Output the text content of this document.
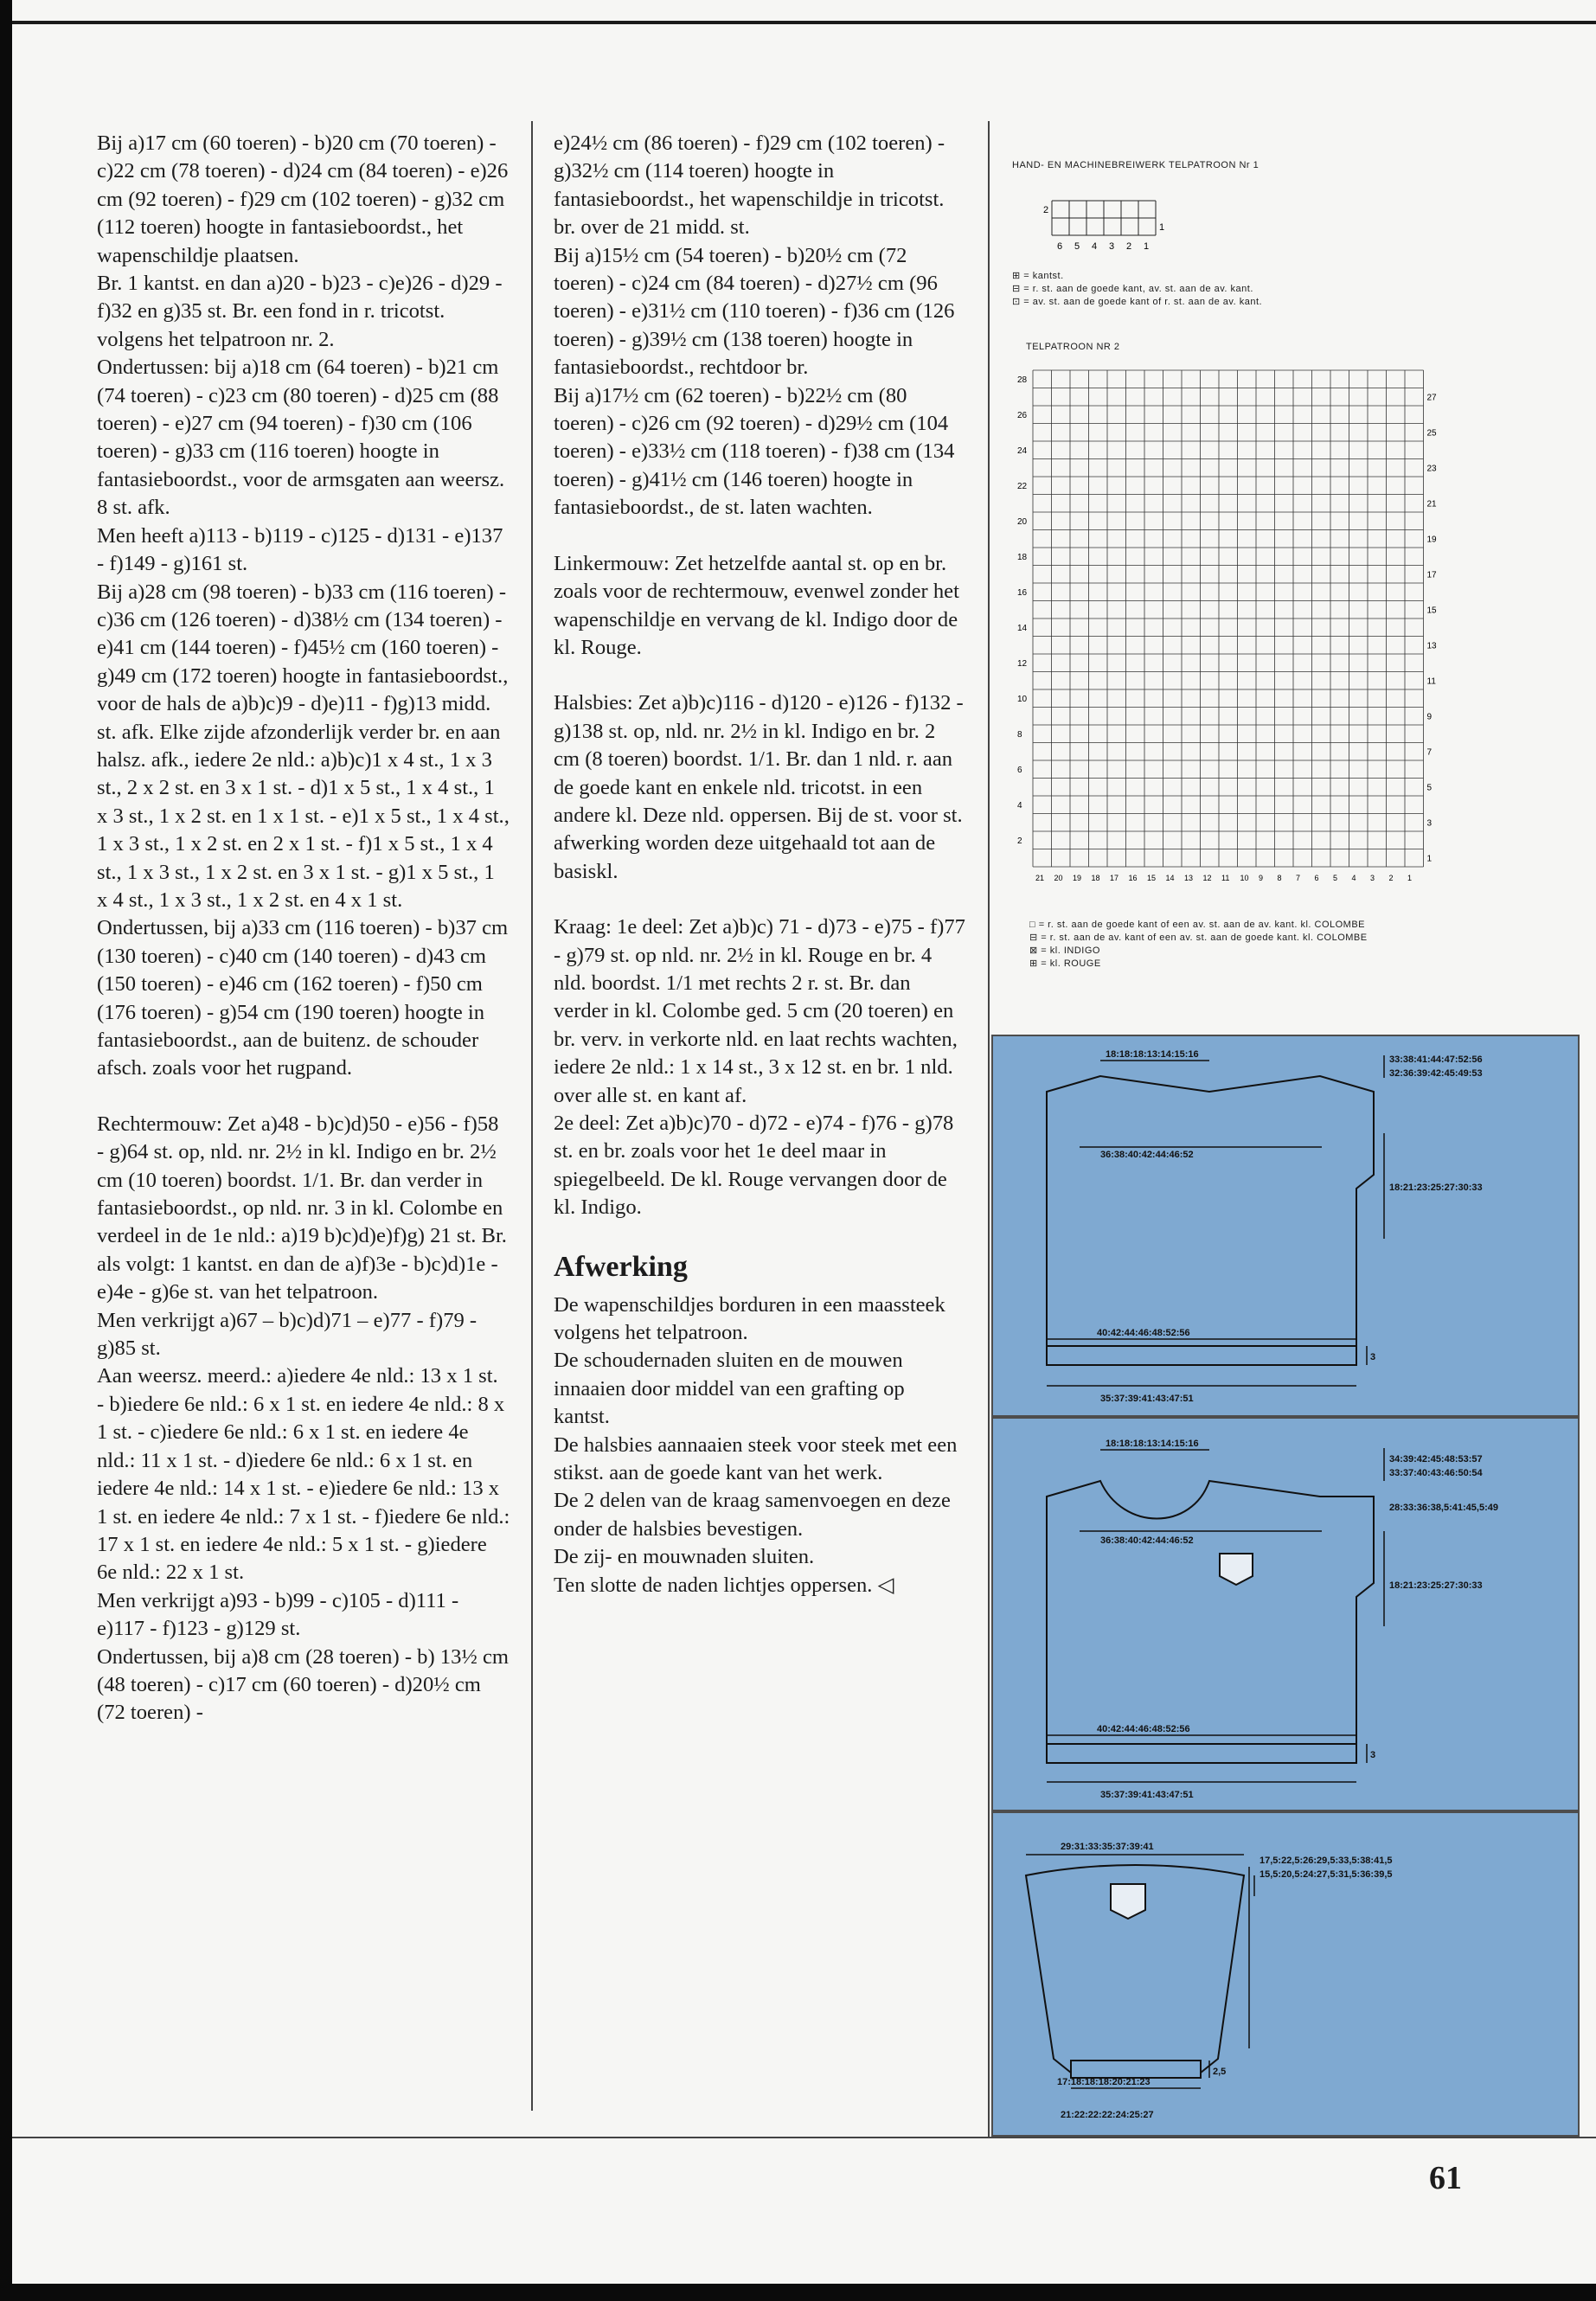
Bij a)17 cm (60 toeren) - b)20 cm (70 toeren) - c)22 cm (78 toeren) - d)24 cm (84 toeren) - e)26 cm (92 toeren) - f)29 cm (102 toeren) - g)32 cm (112 toeren) hoogte in fantasieboordst., het wapenschildje plaatsen.

Br. 1 kantst. en dan a)20 - b)23 - c)e)26 - d)29 - f)32 en g)35 st. Br. een fond in r. tricotst. volgens het telpatroon nr. 2.

Ondertussen: bij a)18 cm (64 toeren) - b)21 cm (74 toeren) - c)23 cm (80 toeren) - d)25 cm (88 toeren) - e)27 cm (94 toeren) - f)30 cm (106 toeren) - g)33 cm (116 toeren) hoogte in fantasieboordst., voor de armsgaten aan weersz. 8 st. afk.

Men heeft a)113 - b)119 - c)125 - d)131 - e)137 - f)149 - g)161 st.

Bij a)28 cm (98 toeren) - b)33 cm (116 toeren) - c)36 cm (126 toeren) - d)38½ cm (134 toeren) - e)41 cm (144 toeren) - f)45½ cm (160 toeren) - g)49 cm (172 toeren) hoogte in fantasieboordst., voor de hals de a)b)c)9 - d)e)11 - f)g)13 midd. st. afk. Elke zijde afzonderlijk verder br. en aan halsz. afk., iedere 2e nld.: a)b)c)1 x 4 st., 1 x 3 st., 2 x 2 st. en 3 x 1 st. - d)1 x 5 st., 1 x 4 st., 1 x 3 st., 1 x 2 st. en 1 x 1 st. - e)1 x 5 st., 1 x 4 st., 1 x 3 st., 1 x 2 st. en 2 x 1 st. - f)1 x 5 st., 1 x 4 st., 1 x 3 st., 1 x 2 st. en 3 x 1 st. - g)1 x 5 st., 1 x 4 st., 1 x 3 st., 1 x 2 st. en 4 x 1 st.

Ondertussen, bij a)33 cm (116 toeren) - b)37 cm (130 toeren) - c)40 cm (140 toeren) - d)43 cm (150 toeren) - e)46 cm (162 toeren) - f)50 cm (176 toeren) - g)54 cm (190 toeren) hoogte in fantasieboordst., aan de buitenz. de schouder afsch. zoals voor het rugpand.

Rechtermouw: Zet a)48 - b)c)d)50 - e)56 - f)58 - g)64 st. op, nld. nr. 2½ in kl. Indigo en br. 2½ cm (10 toeren) boordst. 1/1. Br. dan verder in fantasieboordst., op nld. nr. 3 in kl. Colombe en verdeel in de 1e nld.: a)19 b)c)d)e)f)g) 21 st. Br. als volgt: 1 kantst. en dan de a)f)3e - b)c)d)1e - e)4e - g)6e st. van het telpatroon.

Men verkrijgt a)67 – b)c)d)71 – e)77 - f)79 - g)85 st.

Aan weersz. meerd.: a)iedere 4e nld.: 13 x 1 st. - b)iedere 6e nld.: 6 x 1 st. en iedere 4e nld.: 8 x 1 st. - c)iedere 6e nld.: 6 x 1 st. en iedere 4e nld.: 11 x 1 st. - d)iedere 6e nld.: 6 x 1 st. en iedere 4e nld.: 14 x 1 st. - e)iedere 6e nld.: 13 x 1 st. en iedere 4e nld.: 7 x 1 st. - f)iedere 6e nld.: 17 x 1 st. en iedere 4e nld.: 5 x 1 st. - g)iedere 6e nld.: 22 x 1 st.

Men verkrijgt a)93 - b)99 - c)105 - d)111 - e)117 - f)123 - g)129 st.

Ondertussen, bij a)8 cm (28 toeren) - b) 13½ cm (48 toeren) - c)17 cm (60 toeren) - d)20½ cm (72 toeren) -

e)24½ cm (86 toeren) - f)29 cm (102 toeren) - g)32½ cm (114 toeren) hoogte in fantasieboordst., het wapenschildje in tricotst. br. over de 21 midd. st.

Bij a)15½ cm (54 toeren) - b)20½ cm (72 toeren) - c)24 cm (84 toeren) - d)27½ cm (96 toeren) - e)31½ cm (110 toeren) - f)36 cm (126 toeren) - g)39½ cm (138 toeren) hoogte in fantasieboordst., rechtdoor br.

Bij a)17½ cm (62 toeren) - b)22½ cm (80 toeren) - c)26 cm (92 toeren) - d)29½ cm (104 toeren) - e)33½ cm (118 toeren) - f)38 cm (134 toeren) - g)41½ cm (146 toeren) hoogte in fantasieboordst., de st. laten wachten.

Linkermouw: Zet hetzelfde aantal st. op en br. zoals voor de rechtermouw, evenwel zonder het wapenschildje en vervang de kl. Indigo door de kl. Rouge.

Halsbies: Zet a)b)c)116 - d)120 - e)126 - f)132 - g)138 st. op, nld. nr. 2½ in kl. Indigo en br. 2 cm (8 toeren) boordst. 1/1. Br. dan 1 nld. r. aan de goede kant en enkele nld. tricotst. in een andere kl. Deze nld. oppersen. Bij de st. voor st. afwerking worden deze uitgehaald tot aan de basiskl.

Kraag: 1e deel: Zet a)b)c) 71 - d)73 - e)75 - f)77 - g)79 st. op nld. nr. 2½ in kl. Rouge en br. 4 nld. boordst. 1/1 met rechts 2 r. st. Br. dan verder in kl. Colombe ged. 5 cm (20 toeren) en br. verv. in verkorte nld. en laat rechts wachten, iedere 2e nld.: 1 x 14 st., 3 x 12 st. en br. 1 nld. over alle st. en kant af.

2e deel: Zet a)b)c)70 - d)72 - e)74 - f)76 - g)78 st. en br. zoals voor het 1e deel maar in spiegelbeeld. De kl. Rouge vervangen door de kl. Indigo.

Afwerking

De wapenschildjes borduren in een maassteek volgens het telpatroon.

De schoudernaden sluiten en de mouwen innaaien door middel van een grafting op kantst.

De halsbies aannaaien steek voor steek met een stikst. aan de goede kant van het werk.

De 2 delen van de kraag samenvoegen en deze onder de halsbies bevestigen.

De zij- en mouwnaden sluiten.

Ten slotte de naden lichtjes oppersen. ◁

HAND- EN MACHINEBREIWERK TELPATROON Nr 1
2
1
6 5 4 3 2 1
⊞ = kantst.
⊟ = r. st. aan de goede kant, av. st. aan de av. kant.
⊡ = av. st. aan de goede kant of r. st. aan de av. kant.
TELPATROON NR 2
28
26
24
22
20
18
16
14
12
10
8
6
4
2
27
25
23
21
19
17
15
13
11
9
7
5
3
1
21 20 19 18 17 16 15 14 13 12 11 10 9 8 7 6 5 4 3 2 1
□ = r. st. aan de goede kant of een av. st. aan de av. kant. kl. COLOMBE
⊟ = r. st. aan de av. kant of een av. st. aan de goede kant. kl. COLOMBE
⊠ = kl. INDIGO
⊞ = kl. ROUGE
18:18:18:13:14:15:16	33:38:41:44:47:52:56
32:36:39:42:45:49:53
36:38:40:42:44:46:52
18:21:23:25:27:30:33
40:42:44:46:48:52:56
3
35:37:39:41:43:47:51
18:18:18:13:14:15:16
34:39:42:45:48:53:57
33:37:40:43:46:50:54
28:33:36:38,5:41:45,5:49
36:38:40:42:44:46:52
18:21:23:25:27:30:33
40:42:44:46:48:52:56
3
35:37:39:41:43:47:51
29:31:33:35:37:39:41
17,5:22,5:26:29,5:33,5:38:41,5
15,5:20,5:24:27,5:31,5:36:39,5
2,5
17:18:18:18:20:21:23
21:22:22:22:24:25:27
61
